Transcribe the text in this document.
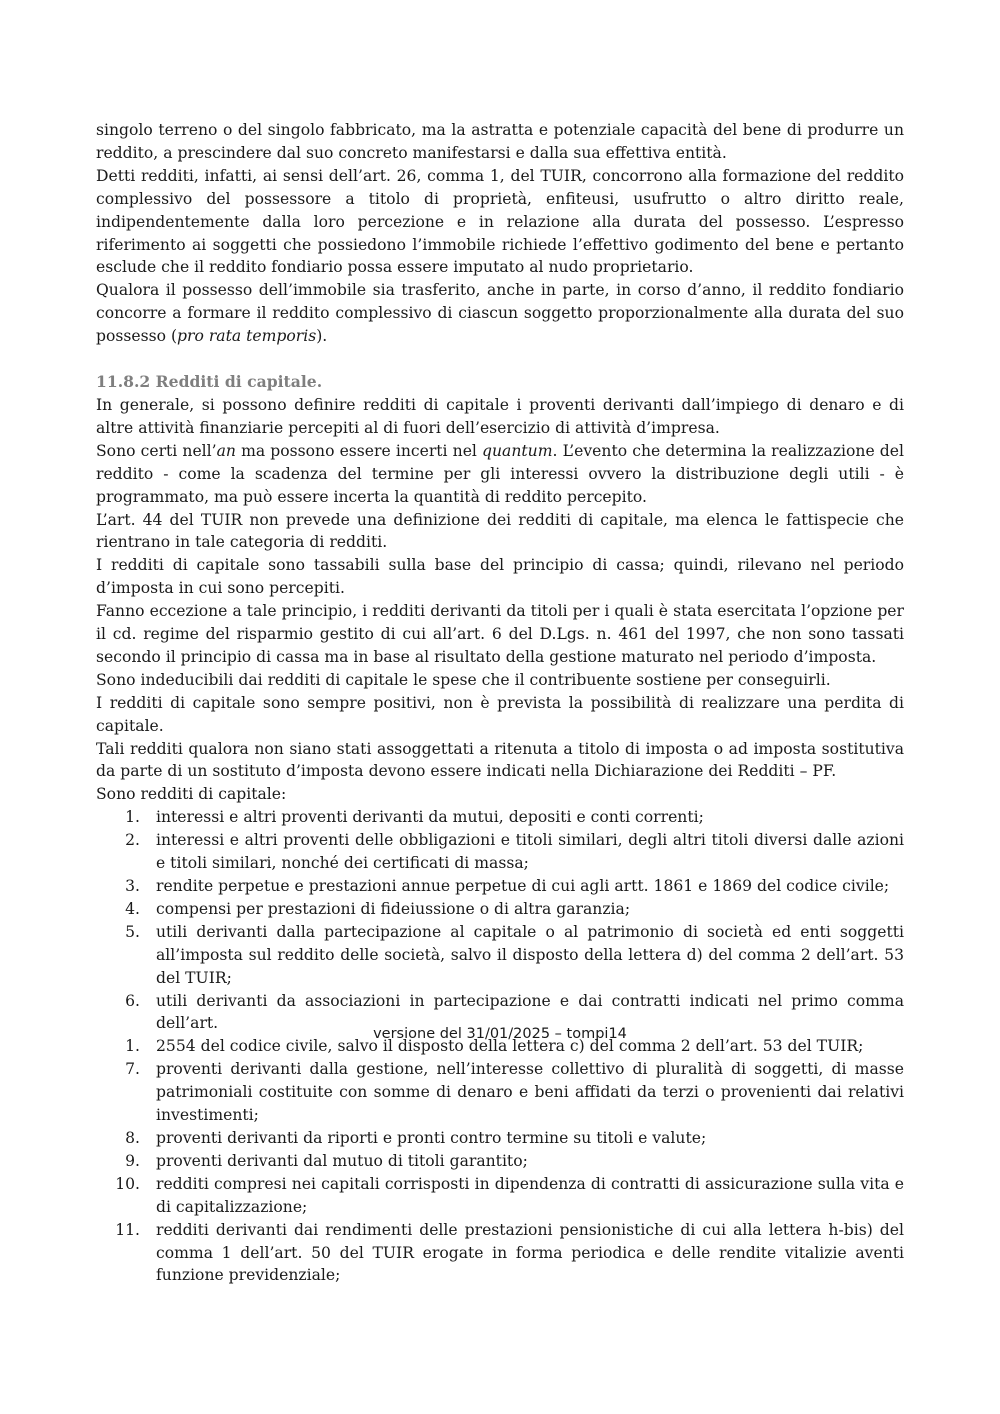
singolo terreno o del singolo fabbricato, ma la astratta e potenziale capacità del bene di produrre un reddito, a prescindere dal suo concreto manifestarsi e dalla sua effettiva entità.

Detti redditi, infatti, ai sensi dell’art. 26, comma 1, del TUIR, concorrono alla formazione del reddito complessivo del possessore a titolo di proprietà, enfiteusi, usufrutto o altro diritto reale, indipendentemente dalla loro percezione e in relazione alla durata del possesso. L’espresso riferimento ai soggetti che possiedono l’immobile richiede l’effettivo godimento del bene e pertanto esclude che il reddito fondiario possa essere imputato al nudo proprietario.

Qualora il possesso dell’immobile sia trasferito, anche in parte, in corso d’anno, il reddito fondiario concorre a formare il reddito complessivo di ciascun soggetto proporzionalmente alla durata del suo possesso (pro rata temporis).

11.8.2 Redditi di capitale.

In generale, si possono definire redditi di capitale i proventi derivanti dall’impiego di denaro e di altre attività finanziarie percepiti al di fuori dell’esercizio di attività d’impresa.

Sono certi nell’an ma possono essere incerti nel quantum. L’evento che determina la realizzazione del reddito - come la scadenza del termine per gli interessi ovvero la distribuzione degli utili - è programmato, ma può essere incerta la quantità di reddito percepito.

L’art. 44 del TUIR non prevede una definizione dei redditi di capitale, ma elenca le fattispecie che rientrano in tale categoria di redditi.

I redditi di capitale sono tassabili sulla base del principio di cassa; quindi, rilevano nel periodo d’imposta in cui sono percepiti.

Fanno eccezione a tale principio, i redditi derivanti da titoli per i quali è stata esercitata l’opzione per il cd. regime del risparmio gestito di cui all’art. 6 del D.Lgs. n. 461 del 1997, che non sono tassati secondo il principio di cassa ma in base al risultato della gestione maturato nel periodo d’imposta.

Sono indeducibili dai redditi di capitale le spese che il contribuente sostiene per conseguirli.

I redditi di capitale sono sempre positivi, non è prevista la possibilità di realizzare una perdita di capitale.

Tali redditi qualora non siano stati assoggettati a ritenuta a titolo di imposta o ad imposta sostitutiva da parte di un sostituto d’imposta devono essere indicati nella Dichiarazione dei Redditi – PF.

Sono redditi di capitale:

1. interessi e altri proventi derivanti da mutui, depositi e conti correnti;
2. interessi e altri proventi delle obbligazioni e titoli similari, degli altri titoli diversi dalle azioni e titoli similari, nonché dei certificati di massa;
3. rendite perpetue e prestazioni annue perpetue di cui agli artt. 1861 e 1869 del codice civile;
4. compensi per prestazioni di fideiussione o di altra garanzia;
5. utili derivanti dalla partecipazione al capitale o al patrimonio di società ed enti soggetti all’imposta sul reddito delle società, salvo il disposto della lettera d) del comma 2 dell’art. 53 del TUIR;
6. utili derivanti da associazioni in partecipazione e dai contratti indicati nel primo comma dell’art.
1. 2554 del codice civile, salvo il disposto della lettera c) del comma 2 dell’art. 53 del TUIR;
7. proventi derivanti dalla gestione, nell’interesse collettivo di pluralità di soggetti, di masse patrimoniali costituite con somme di denaro e beni affidati da terzi o provenienti dai relativi investimenti;
8. proventi derivanti da riporti e pronti contro termine su titoli e valute;
9. proventi derivanti dal mutuo di titoli garantito;
10. redditi compresi nei capitali corrisposti in dipendenza di contratti di assicurazione sulla vita e di capitalizzazione;
11. redditi derivanti dai rendimenti delle prestazioni pensionistiche di cui alla lettera h-bis) del comma 1 dell’art. 50 del TUIR erogate in forma periodica e delle rendite vitalizie aventi funzione previdenziale;
versione del 31/01/2025 – tompi14
